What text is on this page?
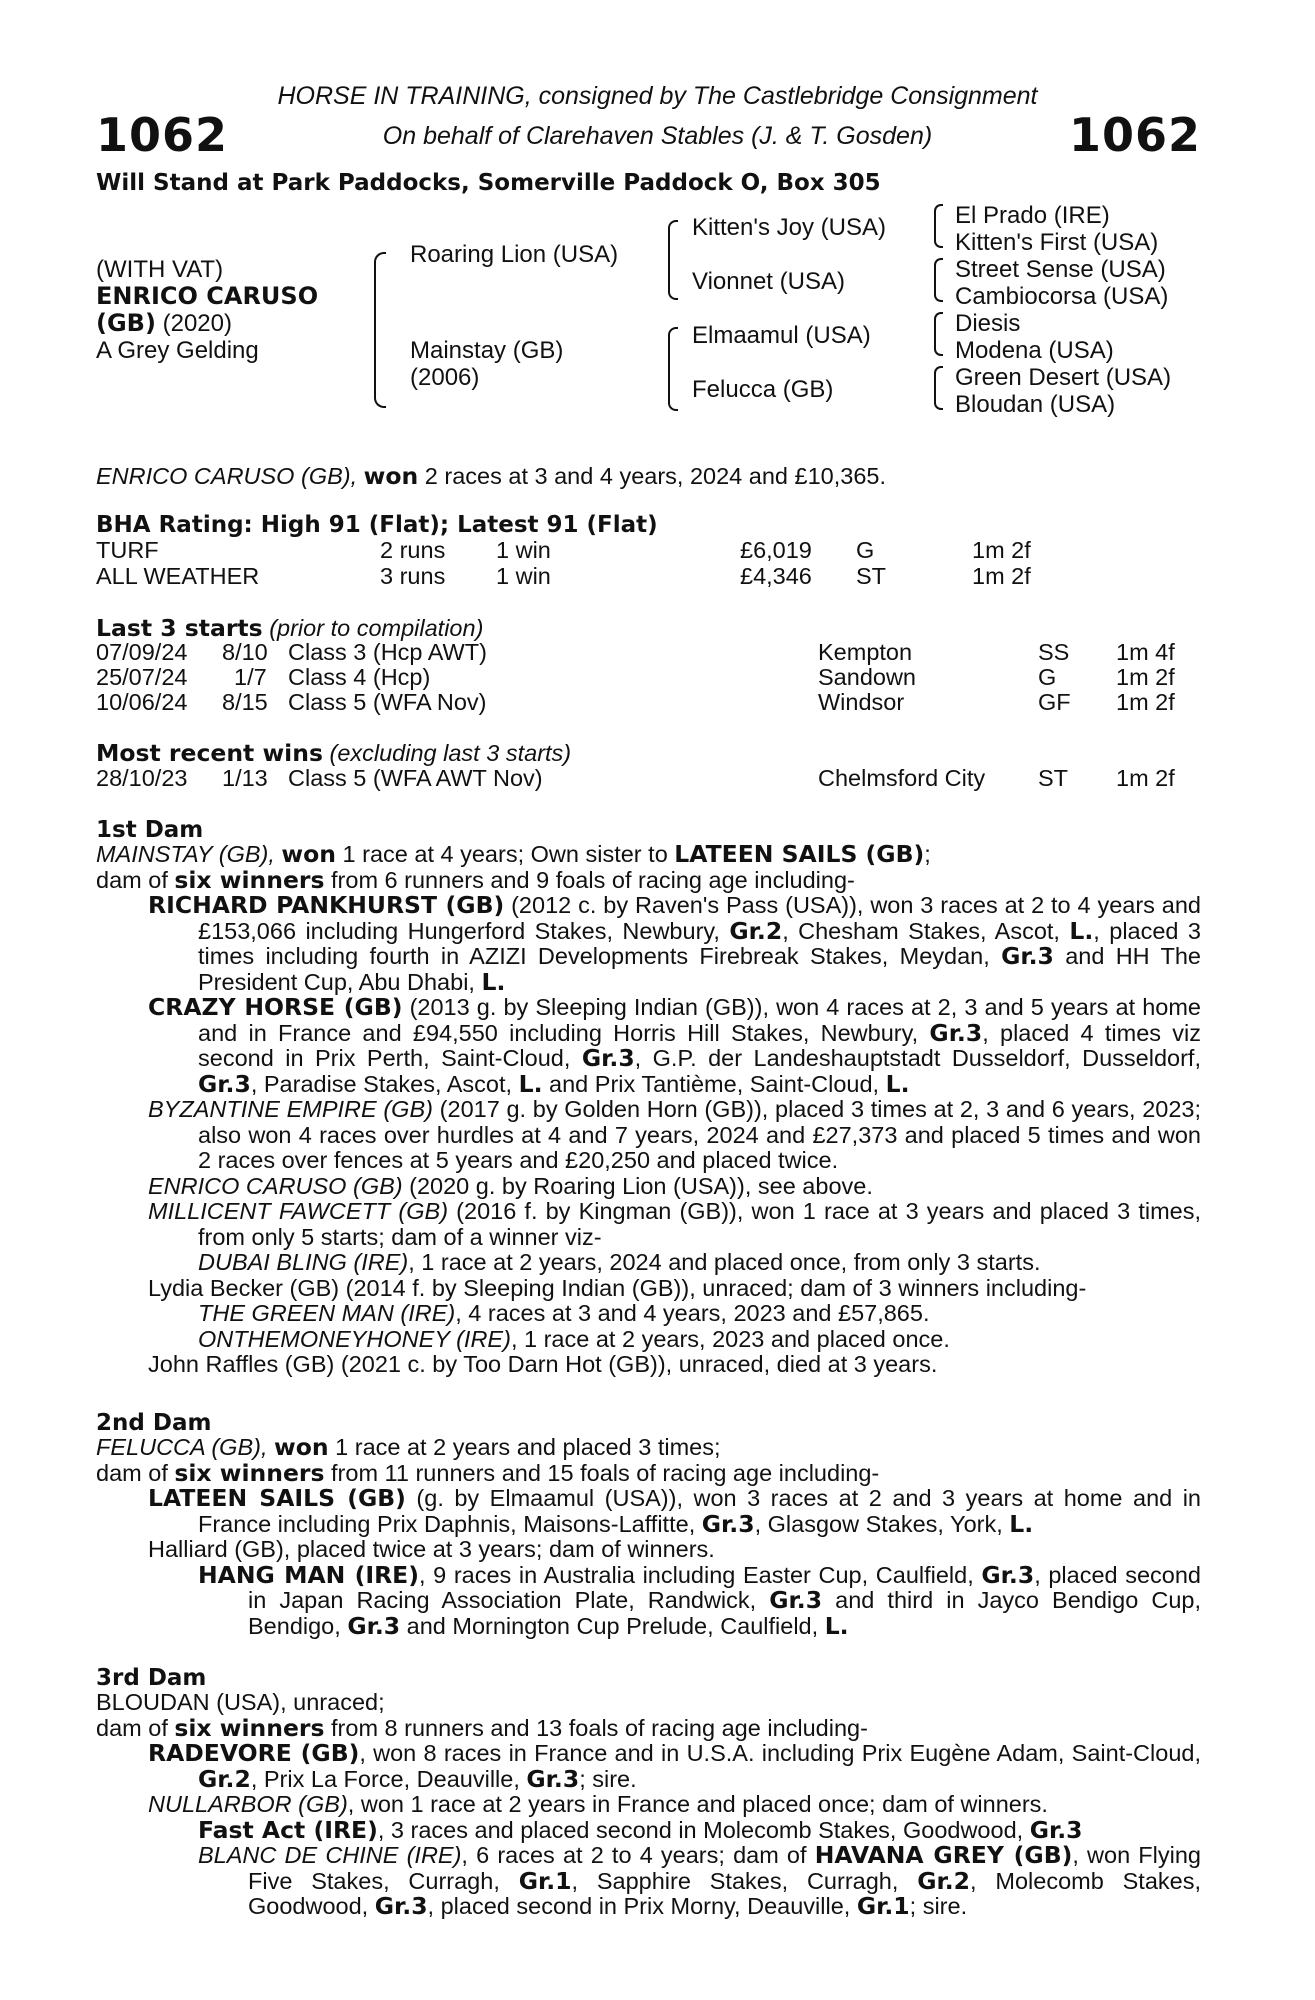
1062	1062
HORSE IN TRAINING, consigned by The Castlebridge Consignment
On behalf of Clarehaven Stables (J. & T. Gosden)
Will Stand at Park Paddocks, Somerville Paddock O, Box 305
(WITH VAT)
ENRICO CARUSO
(GB) (2020)
A Grey Gelding
Roaring Lion (USA)
Mainstay (GB)
(2006)
Kitten's Joy (USA)
Vionnet (USA)
Elmaamul (USA)
Felucca (GB)
El Prado (IRE)
Kitten's First (USA)
Street Sense (USA)
Cambiocorsa (USA)
Diesis
Modena (USA)
Green Desert (USA)
Bloudan (USA)
ENRICO CARUSO (GB), won 2 races at 3 and 4 years, 2024 and £10,365.
BHA Rating: High 91 (Flat); Latest 91 (Flat)
TURF	2 runs 1 win	£6,019 G	1m 2f
ALL WEATHER	3 runs 1 win	£4,346 ST	1m 2f
Last 3 starts (prior to compilation)
07/09/24 8/10 Class 3 (Hcp AWT)	Kempton	SS 1m 4f
25/07/24 1/7 Class 4 (Hcp)	Sandown	G	1m 2f
10/06/24 8/15 Class 5 (WFA Nov)	Windsor	GF 1m 2f
Most recent wins (excluding last 3 starts)
28/10/23 1/13 Class 5 (WFA AWT Nov)	Chelmsford City ST 1m 2f
1st Dam

MAINSTAY (GB), won 1 race at 4 years; Own sister to LATEEN SAILS (GB);

dam of six winners from 6 runners and 9 foals of racing age including-

RICHARD PANKHURST (GB) (2012 c. by Raven's Pass (USA)), won 3 races at 2 to 4 years and £153,066 including Hungerford Stakes, Newbury, Gr.2, Chesham Stakes, Ascot, L., placed 3 times including fourth in AZIZI Developments Firebreak Stakes, Meydan, Gr.3 and HH The President Cup, Abu Dhabi, L.

CRAZY HORSE (GB) (2013 g. by Sleeping Indian (GB)), won 4 races at 2, 3 and 5 years at home and in France and £94,550 including Horris Hill Stakes, Newbury, Gr.3, placed 4 times viz second in Prix Perth, Saint-Cloud, Gr.3, G.P. der Landeshauptstadt Dusseldorf, Dusseldorf, Gr.3, Paradise Stakes, Ascot, L. and Prix Tantième, Saint-Cloud, L.

BYZANTINE EMPIRE (GB) (2017 g. by Golden Horn (GB)), placed 3 times at 2, 3 and 6 years, 2023; also won 4 races over hurdles at 4 and 7 years, 2024 and £27,373 and placed 5 times and won 2 races over fences at 5 years and £20,250 and placed twice.

ENRICO CARUSO (GB) (2020 g. by Roaring Lion (USA)), see above.

MILLICENT FAWCETT (GB) (2016 f. by Kingman (GB)), won 1 race at 3 years and placed 3 times, from only 5 starts; dam of a winner viz-

DUBAI BLING (IRE), 1 race at 2 years, 2024 and placed once, from only 3 starts.

Lydia Becker (GB) (2014 f. by Sleeping Indian (GB)), unraced; dam of 3 winners including-

THE GREEN MAN (IRE), 4 races at 3 and 4 years, 2023 and £57,865.

ONTHEMONEYHONEY (IRE), 1 race at 2 years, 2023 and placed once.

John Raffles (GB) (2021 c. by Too Darn Hot (GB)), unraced, died at 3 years.

2nd Dam

FELUCCA (GB), won 1 race at 2 years and placed 3 times;

dam of six winners from 11 runners and 15 foals of racing age including-

LATEEN SAILS (GB) (g. by Elmaamul (USA)), won 3 races at 2 and 3 years at home and in France including Prix Daphnis, Maisons-Laffitte, Gr.3, Glasgow Stakes, York, L.

Halliard (GB), placed twice at 3 years; dam of winners.

HANG MAN (IRE), 9 races in Australia including Easter Cup, Caulfield, Gr.3, placed second in Japan Racing Association Plate, Randwick, Gr.3 and third in Jayco Bendigo Cup, Bendigo, Gr.3 and Mornington Cup Prelude, Caulfield, L.

3rd Dam

BLOUDAN (USA), unraced;

dam of six winners from 8 runners and 13 foals of racing age including-

RADEVORE (GB), won 8 races in France and in U.S.A. including Prix Eugène Adam, Saint-Cloud, Gr.2, Prix La Force, Deauville, Gr.3; sire.

NULLARBOR (GB), won 1 race at 2 years in France and placed once; dam of winners.

Fast Act (IRE), 3 races and placed second in Molecomb Stakes, Goodwood, Gr.3

BLANC DE CHINE (IRE), 6 races at 2 to 4 years; dam of HAVANA GREY (GB), won Flying Five Stakes, Curragh, Gr.1, Sapphire Stakes, Curragh, Gr.2, Molecomb Stakes, Goodwood, Gr.3, placed second in Prix Morny, Deauville, Gr.1; sire.
